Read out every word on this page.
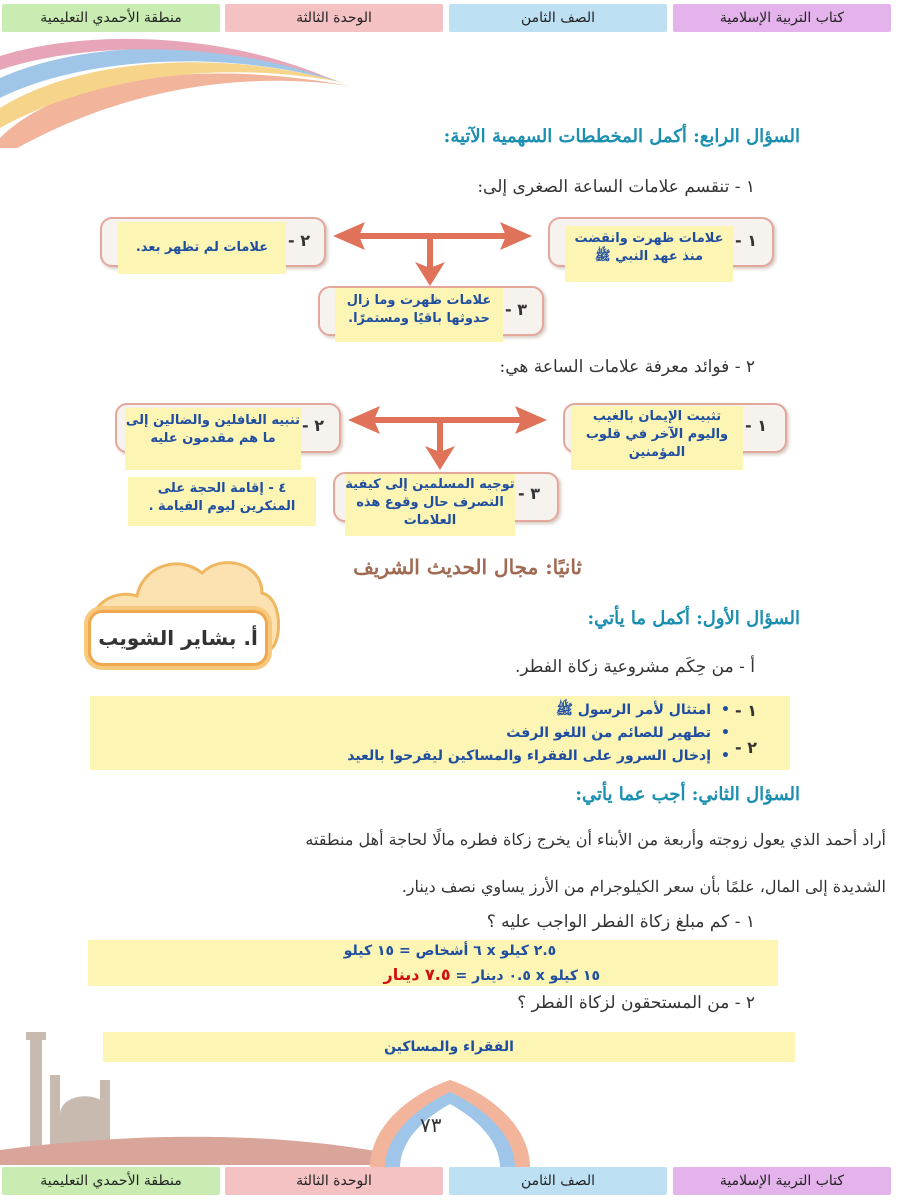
كتاب التربية الإسلامية
الصف الثامن
الوحدة الثالثة
منطقة الأحمدي التعليمية
السؤال الرابع: أكمل المخططات السهمية الآتية:
١ - تنقسم علامات الساعة الصغرى إلى:
١ -
علامات ظهرت وانقضت منذ عهد النبي ﷺ
٢ -
علامات لم تظهر بعد.
٣ -
علامات ظهرت وما زال حدوثها باقيًا ومستمرًا.
٢ - فوائد معرفة علامات الساعة هي:
١ -
تثبيت الإيمان بالغيب واليوم الآخر في قلوب المؤمنين
٢ -
تنبيه الغافلين والضالين إلى ما هم مقدمون عليه
٣ -
توجيه المسلمين إلى كيفية التصرف حال وقوع هذه العلامات
٤ - إقامة الحجة على المنكرين ليوم القيامة .
ثانيًا: مجال الحديث الشريف
أ. بشاير الشويب
السؤال الأول: أكمل ما يأتي:
أ - من حِكَم مشروعية زكاة الفطر.
١ -
٢ -
• امتثال لأمر الرسول ﷺ
• تطهير للصائم من اللغو الرفث
• إدخال السرور على الفقراء والمساكين ليفرحوا بالعيد
السؤال الثاني: أجب عما يأتي:
أراد أحمد الذي يعول زوجته وأربعة من الأبناء أن يخرج زكاة فطره مالًا لحاجة أهل منطقته
الشديدة إلى المال، علمًا بأن سعر الكيلوجرام من الأرز يساوي نصف دينار.
١ - كم مبلغ زكاة الفطر الواجب عليه ؟
٢.٥ كيلو x ٦ أشخاص = ١٥ كيلو
١٥ كيلو x ٠.٥ دينار = ٧.٥ دينار
٢ - من المستحقون لزكاة الفطر ؟
الفقراء والمساكين
٧٣
كتاب التربية الإسلامية
الصف الثامن
الوحدة الثالثة
منطقة الأحمدي التعليمية
